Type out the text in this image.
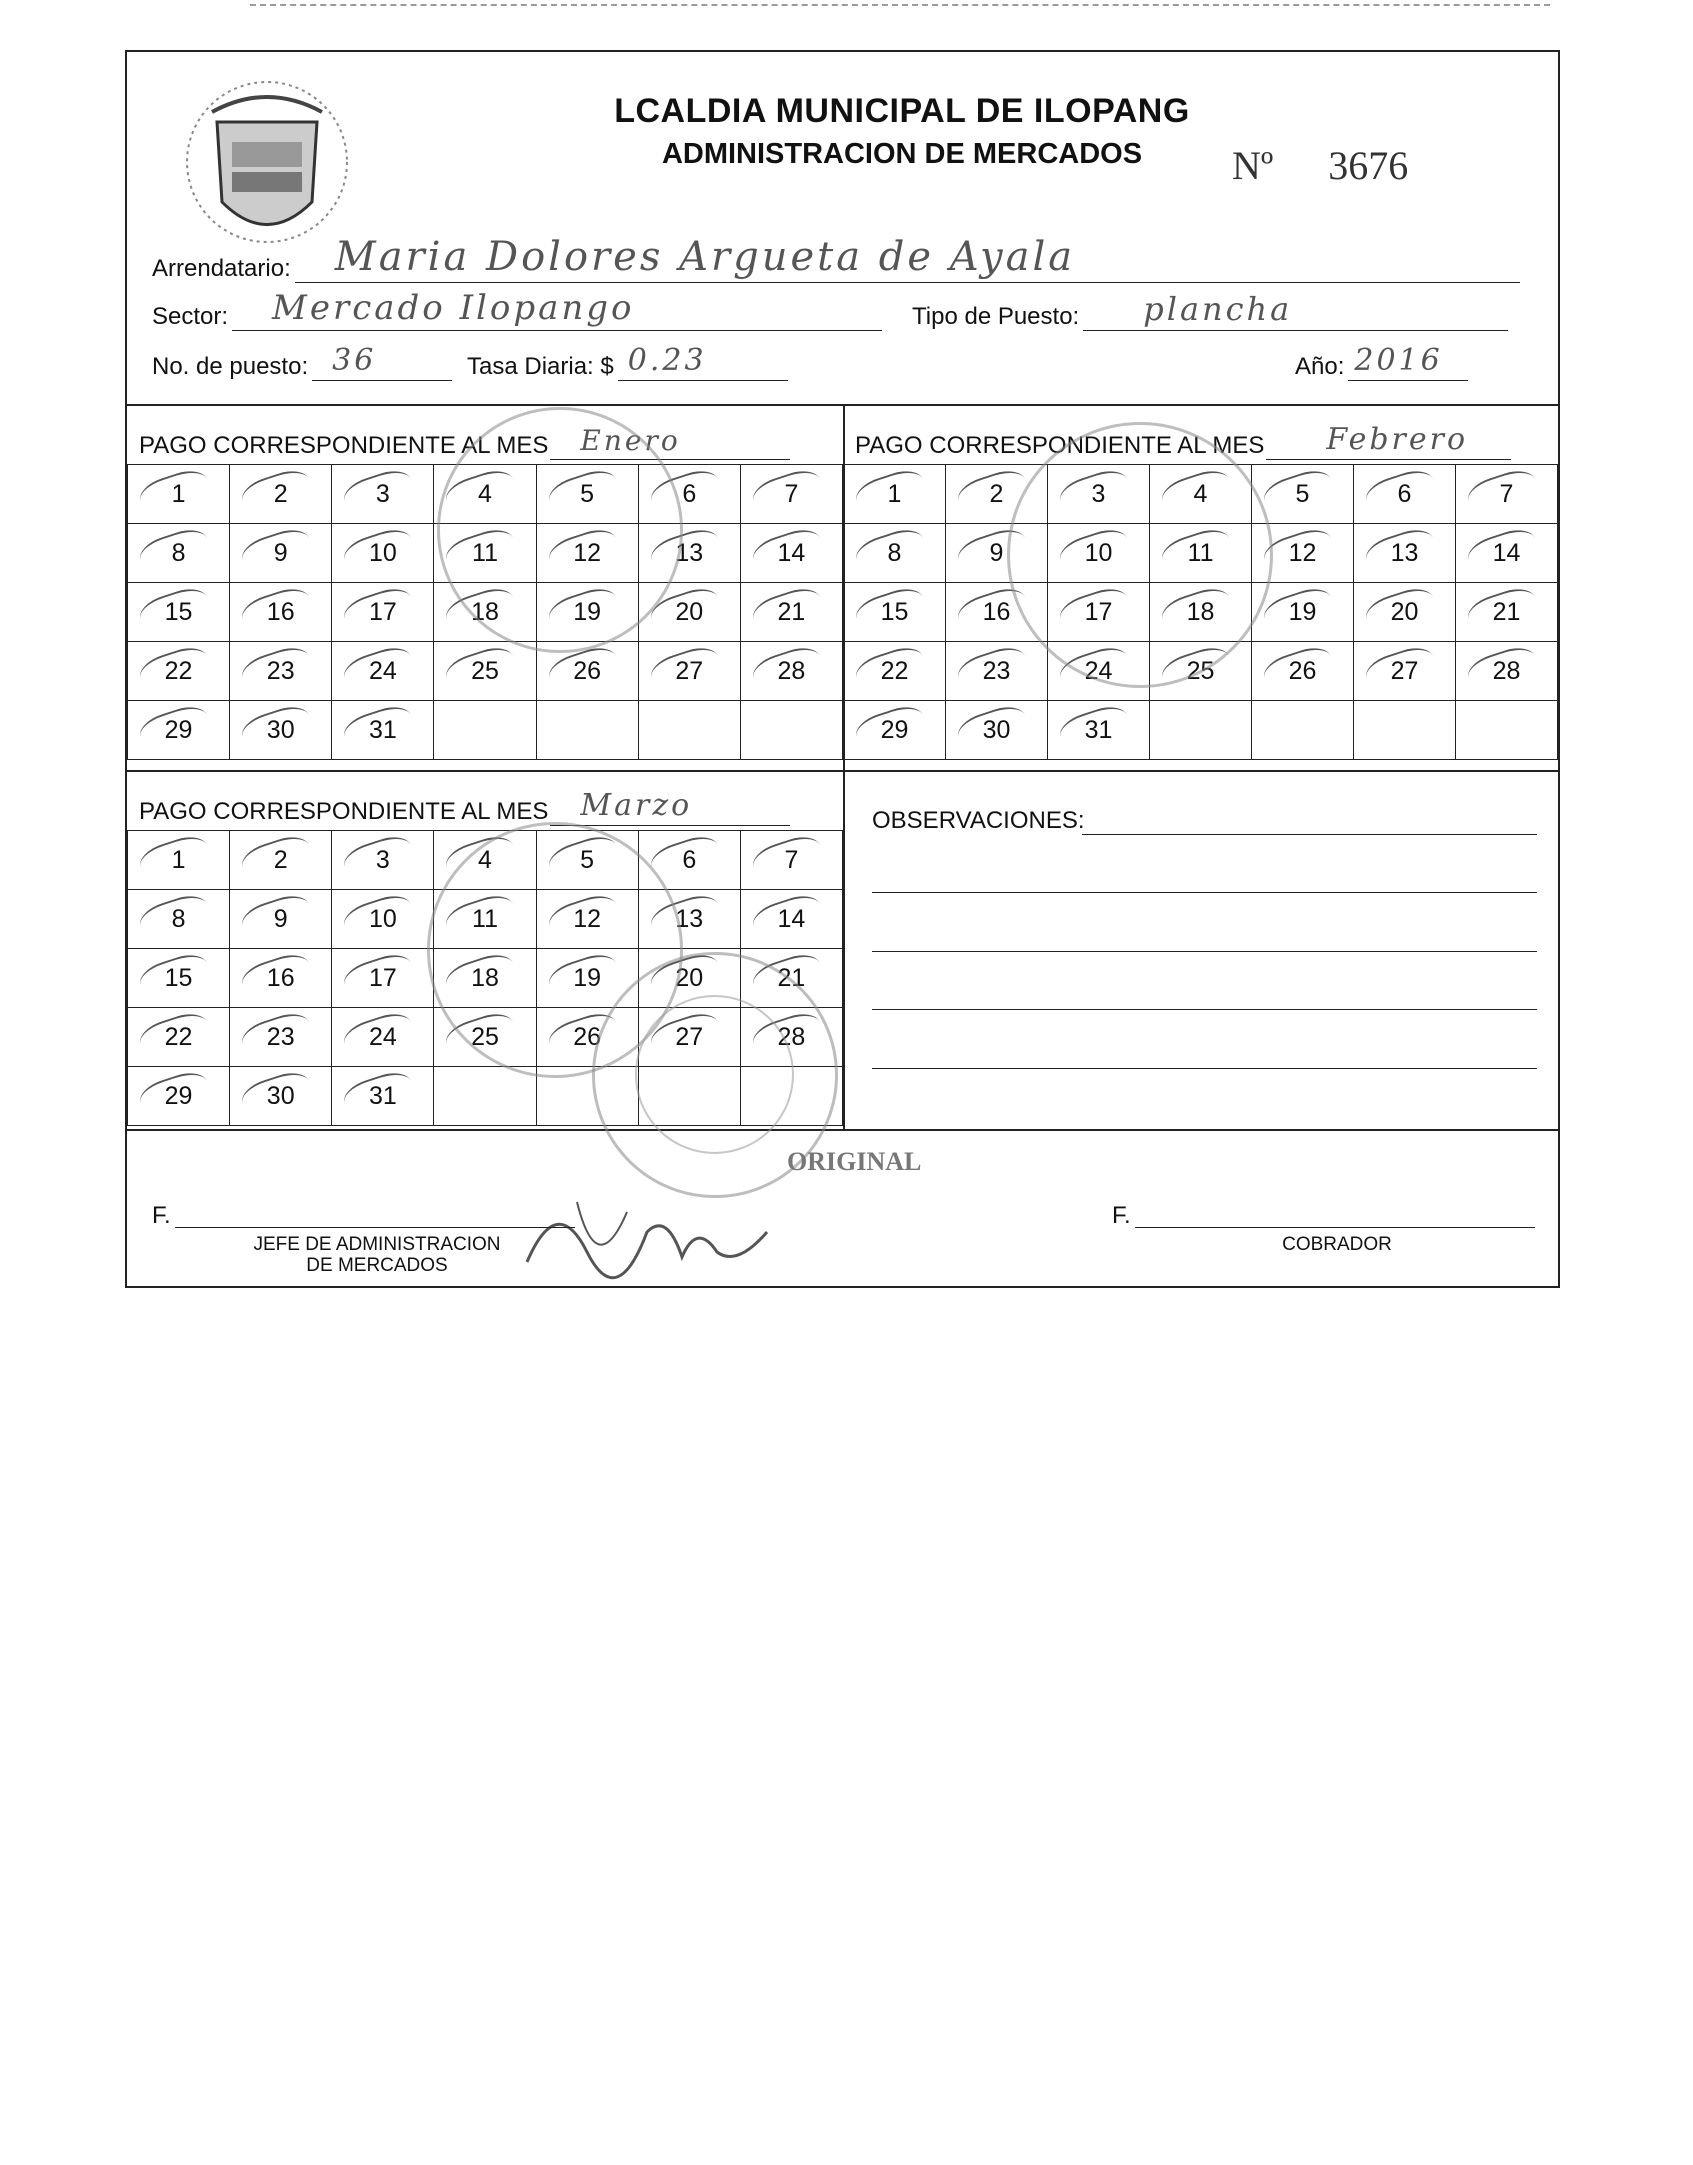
LCALDIA MUNICIPAL DE ILOPANG
ADMINISTRACION DE MERCADOS	Nº 3676
Arrendatario: Maria Dolores Argueta de Ayala
Sector: Mercado Ilopango	Tipo de Puesto: plancha
No. de puesto: 36	Tasa Diaria: $ 0.23	Año: 2016
PAGO CORRESPONDIENTE AL MES Enero
1	2	3	4	5	6	7
8	9	10	11	12	13	14
15	16	17	18	19	20	21
22	23	24	25	26	27	28
29	30	31				
PAGO CORRESPONDIENTE AL MES Febrero
1	2	3	4	5	6	7
8	9	10	11	12	13	14
15	16	17	18	19	20	21
22	23	24	25	26	27	28
29	30	31				
PAGO CORRESPONDIENTE AL MES Marzo
1	2	3	4	5	6	7
8	9	10	11	12	13	14
15	16	17	18	19	20	21
22	23	24	25	26	27	28
29	30	31				
OBSERVACIONES:
ORIGINAL
F.
JEFE DE ADMINISTRACION
DE MERCADOS
F.
COBRADOR
